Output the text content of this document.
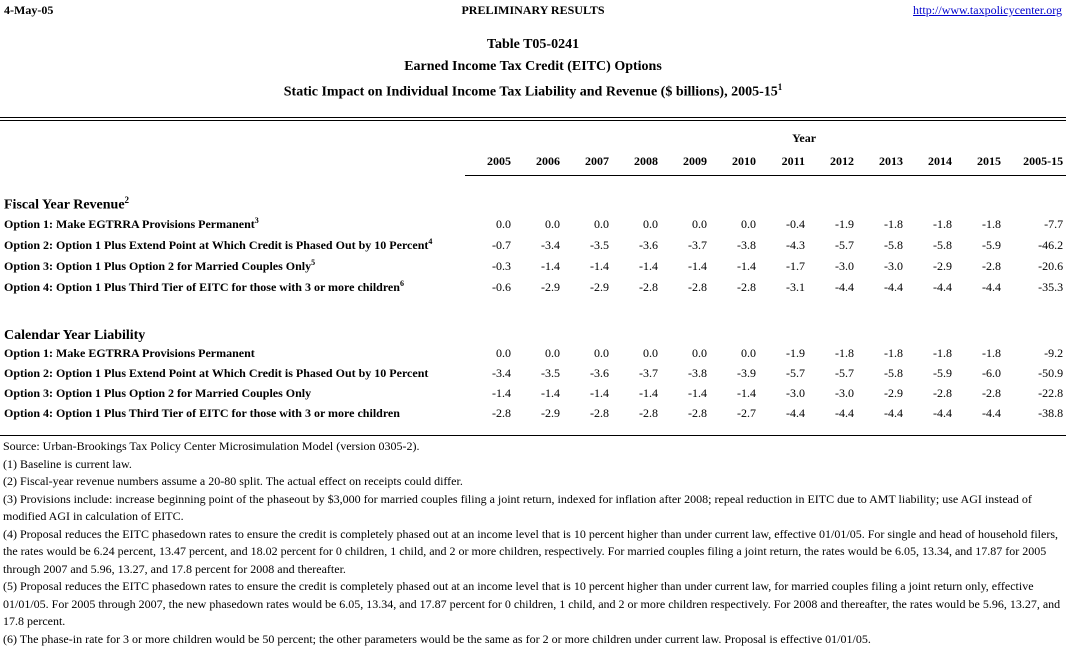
4-May-05	PRELIMINARY RESULTS	http://www.taxpolicycenter.org
Table T05-0241
Earned Income Tax Credit (EITC) Options
Static Impact on Individual Income Tax Liability and Revenue ($ billions), $2005-15^1$
	Year											
	2005	2006	2007	2008	2009	2010	2011	2012	2013	2014	2015	2005-15
Fiscal Year Revenue$^2$
Option 1: Make EGTRRA Provisions Permanent$^3$	0.0	0.0	0.0	0.0	0.0	0.0	-0.4	-1.9	-1.8	-1.8	-1.8	-7.7
Option 2: Option 1 Plus Extend Point at Which Credit is Phased Out by 10 Percent$^4$	-0.7	-3.4	-3.5	-3.6	-3.7	-3.8	-4.3	-5.7	-5.8	-5.8	-5.9	-46.2
Option 3: Option 1 Plus Option 2 for Married Couples Only$^5$	-0.3	-1.4	-1.4	-1.4	-1.4	-1.4	-1.7	-3.0	-3.0	-2.9	-2.8	-20.6
Option 4: Option 1 Plus Third Tier of EITC for those with 3 or more children$^6$	-0.6	-2.9	-2.9	-2.8	-2.8	-2.8	-3.1	-4.4	-4.4	-4.4	-4.4	-35.3
Calendar Year Liability												
Option 1: Make EGTRRA Provisions Permanent	0.0	0.0	0.0	0.0	0.0	0.0	-1.9	-1.8	-1.8	-1.8	-1.8	-9.2
Option 2: Option 1 Plus Extend Point at Which Credit is Phased Out by 10 Percent	-3.4	-3.5	-3.6	-3.7	-3.8	-3.9	-5.7	-5.7	-5.8	-5.9	-6.0	-50.9
Option 3: Option 1 Plus Option 2 for Married Couples Only	-1.4	-1.4	-1.4	-1.4	-1.4	-1.4	-3.0	-3.0	-2.9	-2.8	-2.8	-22.8
Option 4: Option 1 Plus Third Tier of EITC for those with 3 or more children	-2.8	-2.9	-2.8	-2.8	-2.8	-2.7	-4.4	-4.4	-4.4	-4.4	-4.4	-38.8
Source: Urban-Brookings Tax Policy Center Microsimulation Model (version 0305-2).
(1) Baseline is current law.
(2) Fiscal-year revenue numbers assume a 20-80 split. The actual effect on receipts could differ.
(3) Provisions include: increase beginning point of the phaseout by $3,000 for married couples filing a joint return, indexed for inflation after 2008; repeal reduction in EITC due to AMT liability; use AGI instead of modified AGI in calculation of EITC.
(4) Proposal reduces the EITC phasedown rates to ensure the credit is completely phased out at an income level that is 10 percent higher than under current law, effective 01/01/05. For single and head of household filers, the rates would be 6.24 percent, 13.47 percent, and 18.02 percent for 0 children, 1 child, and 2 or more children, respectively. For married couples filing a joint return, the rates would be 6.05, 13.34, and 17.87 for 2005 through 2007 and 5.96, 13.27, and 17.8 percent for 2008 and thereafter.
(5) Proposal reduces the EITC phasedown rates to ensure the credit is completely phased out at an income level that is 10 percent higher than under current law, for married couples filing a joint return only, effective 01/01/05. For 2005 through 2007, the new phasedown rates would be 6.05, 13.34, and 17.87 percent for 0 children, 1 child, and 2 or more children respectively. For 2008 and thereafter, the rates would be 5.96, 13.27, and 17.8 percent.
(6) The phase-in rate for 3 or more children would be 50 percent; the other parameters would be the same as for 2 or more children under current law. Proposal is effective 01/01/05.
